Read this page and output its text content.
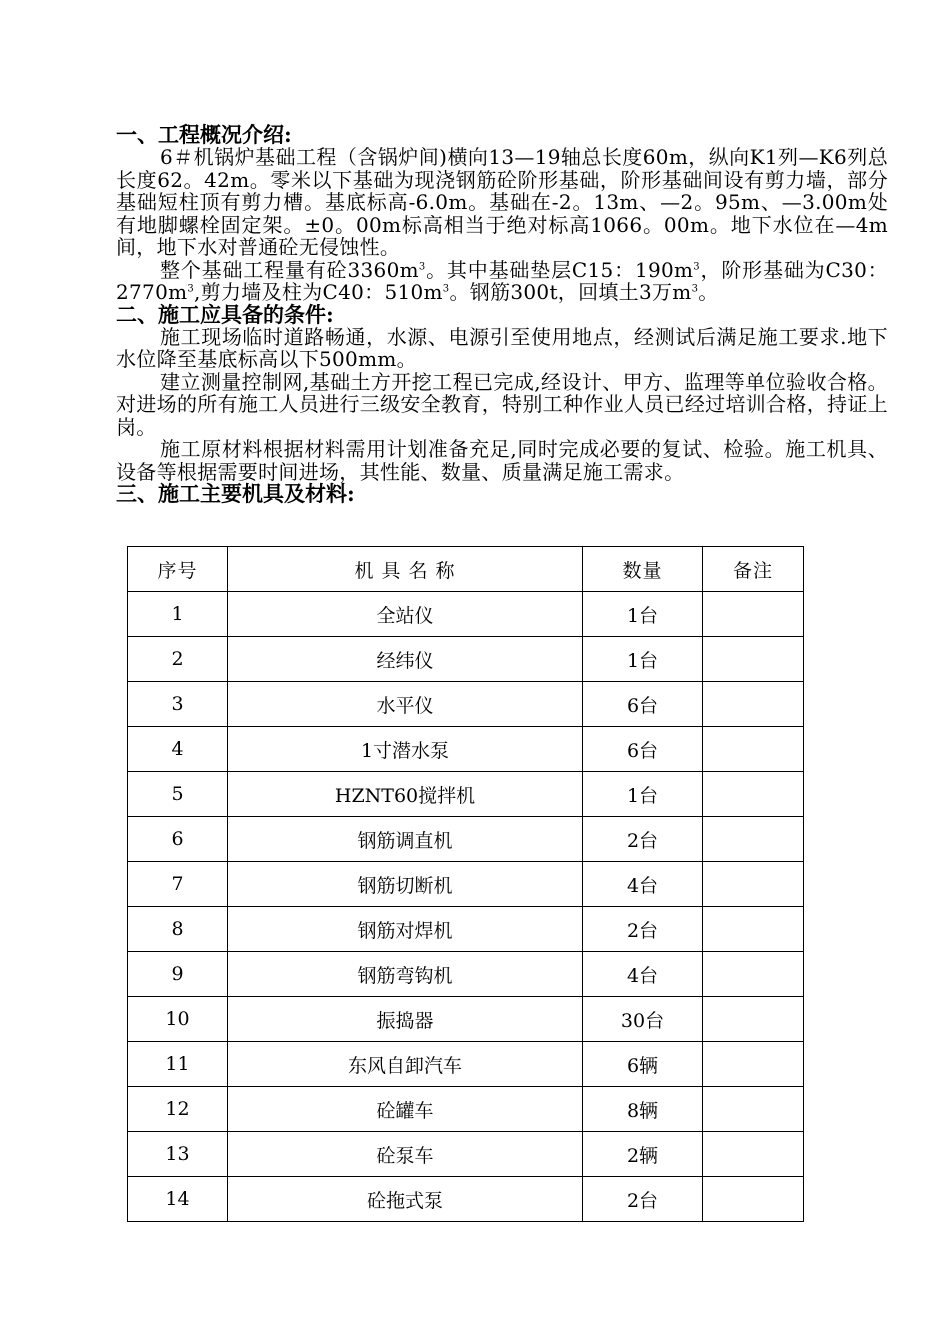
一、工程概况介绍:

6＃机锅炉基础工程（含锅炉间)横向13—19轴总长度60m，纵向K1列—K6列总长度62。42m。零米以下基础为现浇钢筋砼阶形基础，阶形基础间设有剪力墙，部分基础短柱顶有剪力槽。基底标高-6.0m。基础在-2。13m、—2。95m、—3.00m处有地脚螺栓固定架。±0。00m标高相当于绝对标高1066。00m。地下水位在—4m间，地下水对普通砼无侵蚀性。

整个基础工程量有砼$3360m^3$。其中基础垫层C15：$190m^3$，阶形基础为C30：$2770m^3$,剪力墙及柱为C40：$510m^3$。钢筋300t，回填土3万$m^3$。

二、施工应具备的条件:

施工现场临时道路畅通，水源、电源引至使用地点，经测试后满足施工要求.地下水位降至基底标高以下500mm。

建立测量控制网,基础土方开挖工程已完成,经设计、甲方、监理等单位验收合格。对进场的所有施工人员进行三级安全教育，特别工种作业人员已经过培训合格，持证上岗。

施工原材料根据材料需用计划准备充足,同时完成必要的复试、检验。施工机具、设备等根据需要时间进场，其性能、数量、质量满足施工需求。

三、施工主要机具及材料:
序号	机 具 名 称	数量	备注
1	全站仪	1台	
2	经纬仪	1台	
3	水平仪	6台	
4	1寸潜水泵	6台	
5	HZNT60搅拌机	1台	
6	钢筋调直机	2台	
7	钢筋切断机	4台	
8	钢筋对焊机	2台	
9	钢筋弯钩机	4台	
10	振捣器	30台	
11	东风自卸汽车	6辆	
12	砼罐车	8辆	
13	砼泵车	2辆	
14	砼拖式泵	2台	
